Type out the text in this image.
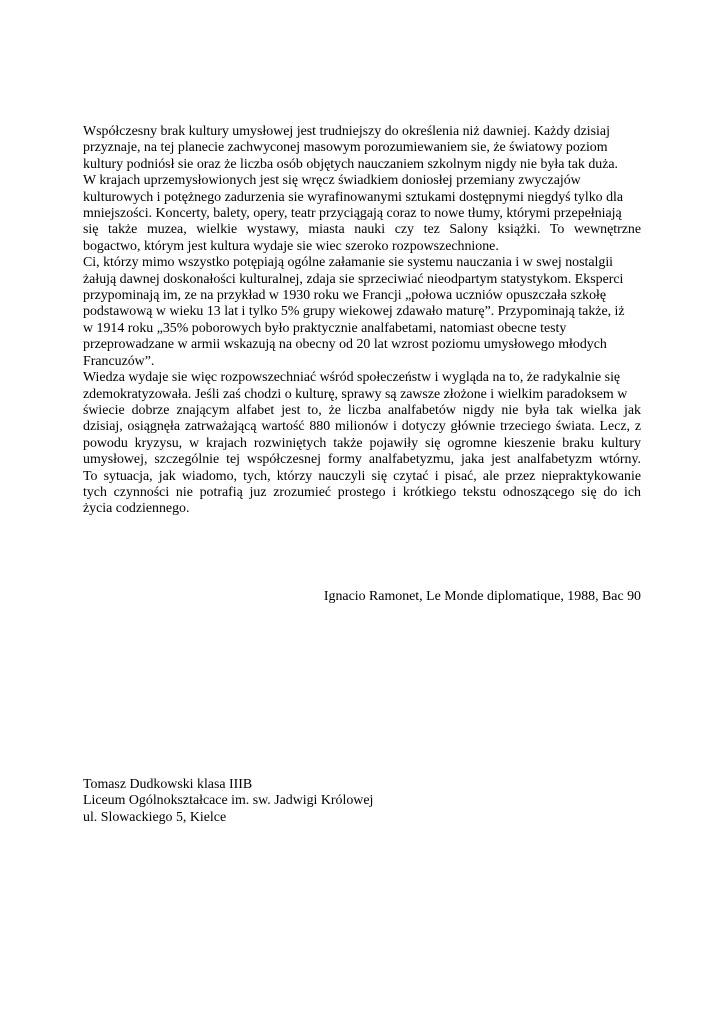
Współczesny brak kultury umysłowej jest trudniejszy do określenia niż dawniej. Każdy dzisiaj
przyznaje, na tej planecie zachwyconej masowym porozumiewaniem sie, że światowy poziom
kultury podniósł sie oraz że liczba osób objętych nauczaniem szkolnym nigdy nie była tak duża.
W krajach uprzemysłowionych jest się wręcz świadkiem doniosłej przemiany zwyczajów
kulturowych i potężnego zadurzenia sie wyrafinowanymi sztukami dostępnymi niegdyś tylko dla
mniejszości. Koncerty, balety, opery, teatr przyciągają coraz to nowe tłumy, którymi przepełniają
się także muzea, wielkie wystawy, miasta nauki czy tez Salony książki. To wewnętrzne
bogactwo, którym jest kultura wydaje sie wiec szeroko rozpowszechnione.
Ci, którzy mimo wszystko potępiają ogólne załamanie sie systemu nauczania i w swej nostalgii
żałują dawnej doskonałości kulturalnej, zdaja sie sprzeciwiać nieodpartym statystykom. Eksperci
przypominają im, ze na przykład w 1930 roku we Francji „połowa uczniów opuszczała szkołę
podstawową w wieku 13 lat i tylko 5% grupy wiekowej zdawało maturę”. Przypominają także, iż
w 1914 roku „35% poborowych było praktycznie analfabetami, natomiast obecne testy
przeprowadzane w armii wskazują na obecny od 20 lat wzrost poziomu umysłowego młodych
Francuzów”.
Wiedza wydaje sie więc rozpowszechniać wśród społeczeństw i wygląda na to, że radykalnie się
zdemokratyzowała. Jeśli zaś chodzi o kulturę, sprawy są zawsze złożone i wielkim paradoksem w
świecie dobrze znającym alfabet jest to, że liczba analfabetów nigdy nie była tak wielka jak
dzisiaj, osiągnęła zatrważającą wartość 880 milionów i dotyczy głównie trzeciego świata. Lecz, z
powodu kryzysu, w krajach rozwiniętych także pojawiły się ogromne kieszenie braku kultury
umysłowej, szczególnie tej współczesnej formy analfabetyzmu, jaka jest analfabetyzm wtórny.
To sytuacja, jak wiadomo, tych, którzy nauczyli się czytać i pisać, ale przez niepraktykowanie
tych czynności nie potrafią juz zrozumieć prostego i krótkiego tekstu odnoszącego się do ich
życia codziennego.
Ignacio Ramonet, Le Monde diplomatique, 1988, Bac 90
Tomasz Dudkowski klasa IIIB
Liceum Ogólnokształcace im. sw. Jadwigi Królowej
ul. Slowackiego 5, Kielce
